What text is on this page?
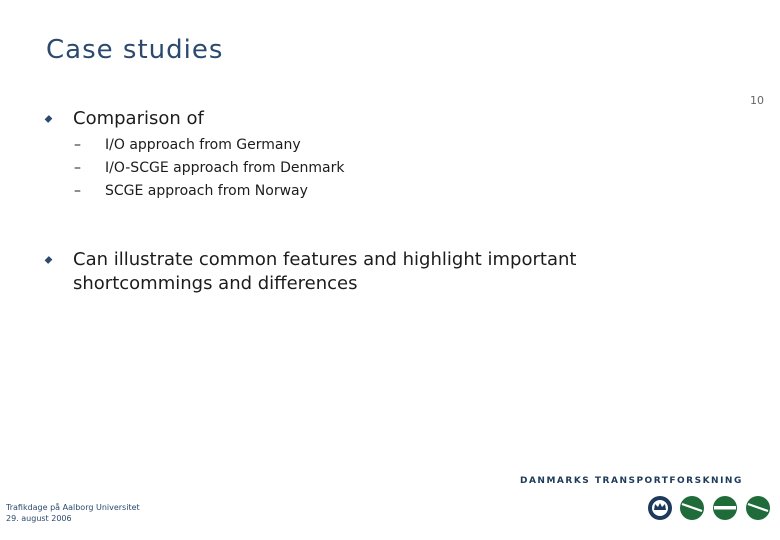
Case studies
10
Comparison of
–	I/O approach from Germany
–	I/O-SCGE approach from Denmark
–	SCGE approach from Norway
Can illustrate common features and highlight important shortcommings and differences
Trafikdage på Aalborg Universitet
29. august 2006
DANMARKS TRANSPORTFORSKNING
